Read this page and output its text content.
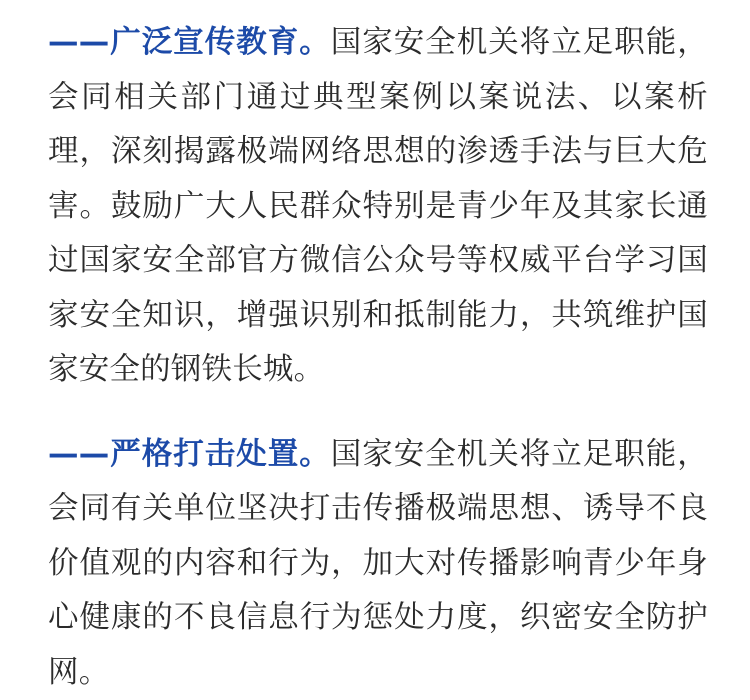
——广泛宣传教育。国家安全机关将立足职能，会同相关部门通过典型案例以案说法、以案析理，深刻揭露极端网络思想的渗透手法与巨大危害。鼓励广大人民群众特别是青少年及其家长通过国家安全部官方微信公众号等权威平台学习国家安全知识，增强识别和抵制能力，共筑维护国家安全的钢铁长城。

——严格打击处置。国家安全机关将立足职能，会同有关单位坚决打击传播极端思想、诱导不良价值观的内容和行为，加大对传播影响青少年身心健康的不良信息行为惩处力度，织密安全防护网。
